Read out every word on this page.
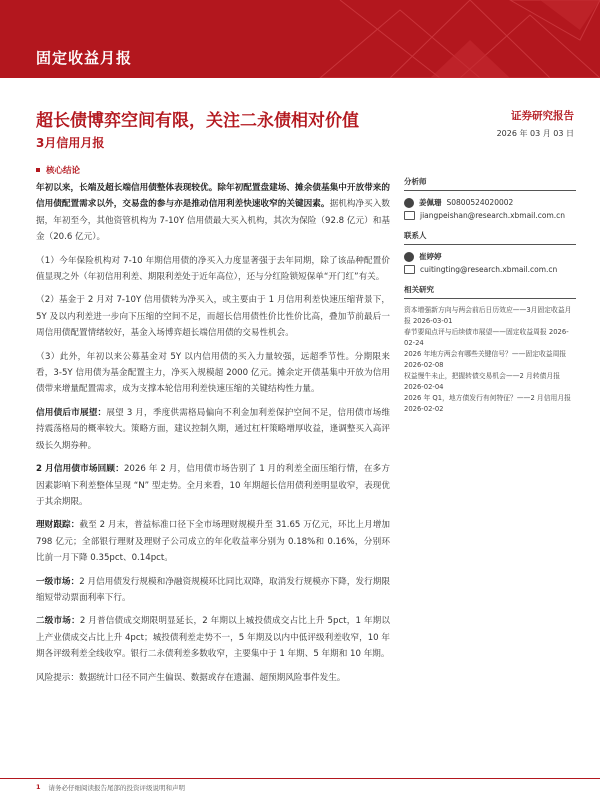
固定收益月报
超长债博弈空间有限，关注二永债相对价值
3月信用月报
证券研究报告
2026 年 03 月 03 日
核心结论

年初以来，长端及超长端信用债整体表现较优。除年初配置盘建场、摊余债基集中开放带来的信用债配置需求以外，交易盘的参与亦是推动信用利差快速收窄的关键因素。据机构净买入数据，年初至今，其他资管机构为 7-10Y 信用债最大买入机构，其次为保险（92.8 亿元）和基金（20.6 亿元）。

（1）今年保险机构对 7-10 年期信用债的净买入力度显著强于去年同期，除了该品种配置价值显现之外（年初信用利差、期限利差处于近年高位），还与分红险锁短保单“开门红”有关。

（2）基金于 2 月对 7-10Y 信用债转为净买入，或主要由于 1 月信用利差快速压缩背景下，5Y 及以内利差进一步向下压缩的空间不足，而超长信用债性价比性价比高，叠加节前最后一周信用债配置情绪较好，基金入场博弈超长端信用债的交易性机会。

（3）此外，年初以来公募基金对 5Y 以内信用债的买入力量较强，远超季节性。分期限来看，3-5Y 信用债为基金配置主力，净买入规模超 2000 亿元。摊余定开债基集中开放为信用债带来增量配置需求，成为支撑本轮信用利差快速压缩的关键结构性力量。

信用债后市展望：展望 3 月，季度供需格局偏向不利金加利差保护空间不足，信用债市场维持震荡格局的概率较大。策略方面，建议控制久期，通过杠杆策略增厚收益，逢调整买入高评级长久期券种。

2 月信用债市场回顾：2026 年 2 月，信用债市场告别了 1 月的利差全面压缩行情，在多方因素影响下利差整体呈现 “N” 型走势。全月来看，10 年期超长信用债利差明显收窄，表现优于其余期限。

理财跟踪：截至 2 月末，普益标准口径下全市场理财规模升至 31.65 万亿元，环比上月增加 798 亿元；全部银行理财及理财子公司成立的年化收益率分别为 0.18%和 0.16%，分别环比前一月下降 0.35pct、0.14pct。

一级市场：2 月信用债发行规模和净融资规模环比同比双降，取消发行规模亦下降，发行期限缩短带动票面利率下行。

二级市场：2 月普信债成交期限明显延长，2 年期以上城投债成交占比上升 5pct，1 年期以上产业债成交占比上升 4pct；城投债利差走势不一，5 年期及以内中低评级利差收窄，10 年期各评级利差全线收窄。银行二永债利差多数收窄，主要集中于 1 年期、5 年期和 10 年期。

风险提示：数据统计口径不同产生偏误、数据或存在遗漏、超预期风险事件发生。

分析师
姜佩珊 S0800524020002
jiangpeishan@research.xbmail.com.cn
联系人
崔婷婷
cuitingting@research.xbmail.com.cn
相关研究
资本增强新方向与两会前后日历效应——3月固定收益月报 2026-03-01
春节要闻点评与后续债市展望——固定收益周报 2026-02-24
2026 年地方两会有哪些关键信号？——固定收益周报 2026-02-08
权益慢牛未止，把握转债交易机会——2 月转债月报 2026-02-04
2026 年 Q1，地方债发行有何特征？——2 月信用月报 2026-02-02
1 请务必仔细阅读报告尾部的投资评级说明和声明
